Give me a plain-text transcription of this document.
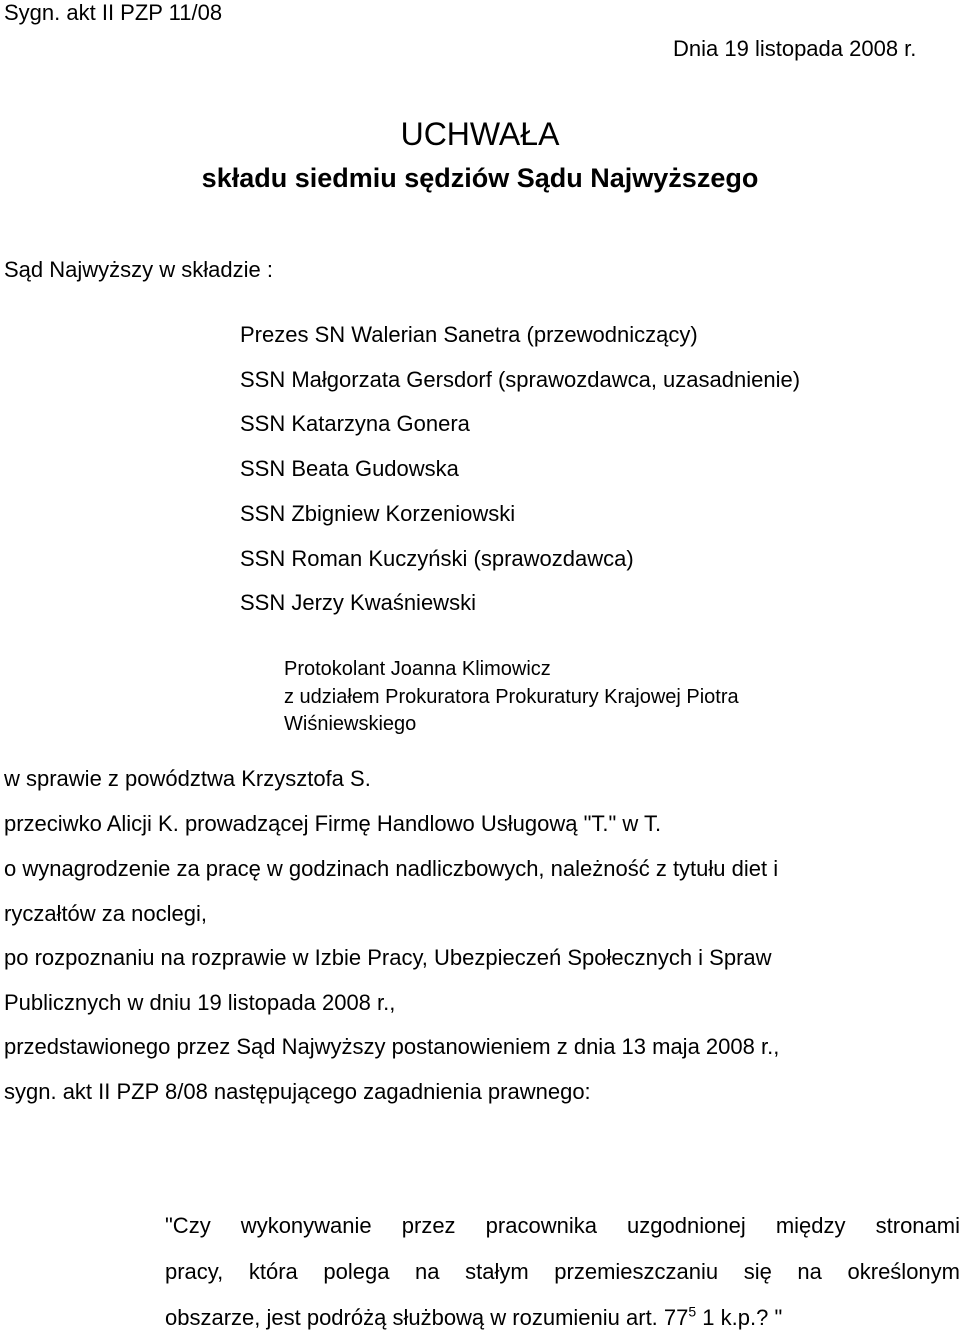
Sygn. akt II PZP 11/08
Dnia 19 listopada 2008 r.
UCHWAŁA
składu siedmiu sędziów Sądu Najwyższego
Sąd Najwyższy w składzie :
Prezes SN Walerian Sanetra (przewodniczący)
SSN Małgorzata Gersdorf (sprawozdawca, uzasadnienie)
SSN Katarzyna Gonera
SSN Beata Gudowska
SSN Zbigniew Korzeniowski
SSN Roman Kuczyński (sprawozdawca)
SSN Jerzy Kwaśniewski
Protokolant Joanna Klimowicz
z udziałem Prokuratora Prokuratury Krajowej Piotra
Wiśniewskiego
w sprawie z powództwa Krzysztofa S.
przeciwko Alicji K. prowadzącej Firmę Handlowo Usługową "T." w T.
o wynagrodzenie za pracę w godzinach nadliczbowych, należność z tytułu diet i
ryczałtów za noclegi,
po rozpoznaniu na rozprawie w Izbie Pracy, Ubezpieczeń Społecznych i Spraw
Publicznych w dniu 19 listopada 2008 r.,
przedstawionego przez Sąd Najwyższy postanowieniem z dnia 13 maja 2008 r.,
sygn. akt II PZP 8/08 następującego zagadnienia prawnego:
"Czy wykonywanie przez pracownika uzgodnionej między stronami
pracy, która polega na stałym przemieszczaniu się na określonym
obszarze, jest podróżą służbową w rozumieniu art. $77^5$ 1 k.p.? "
